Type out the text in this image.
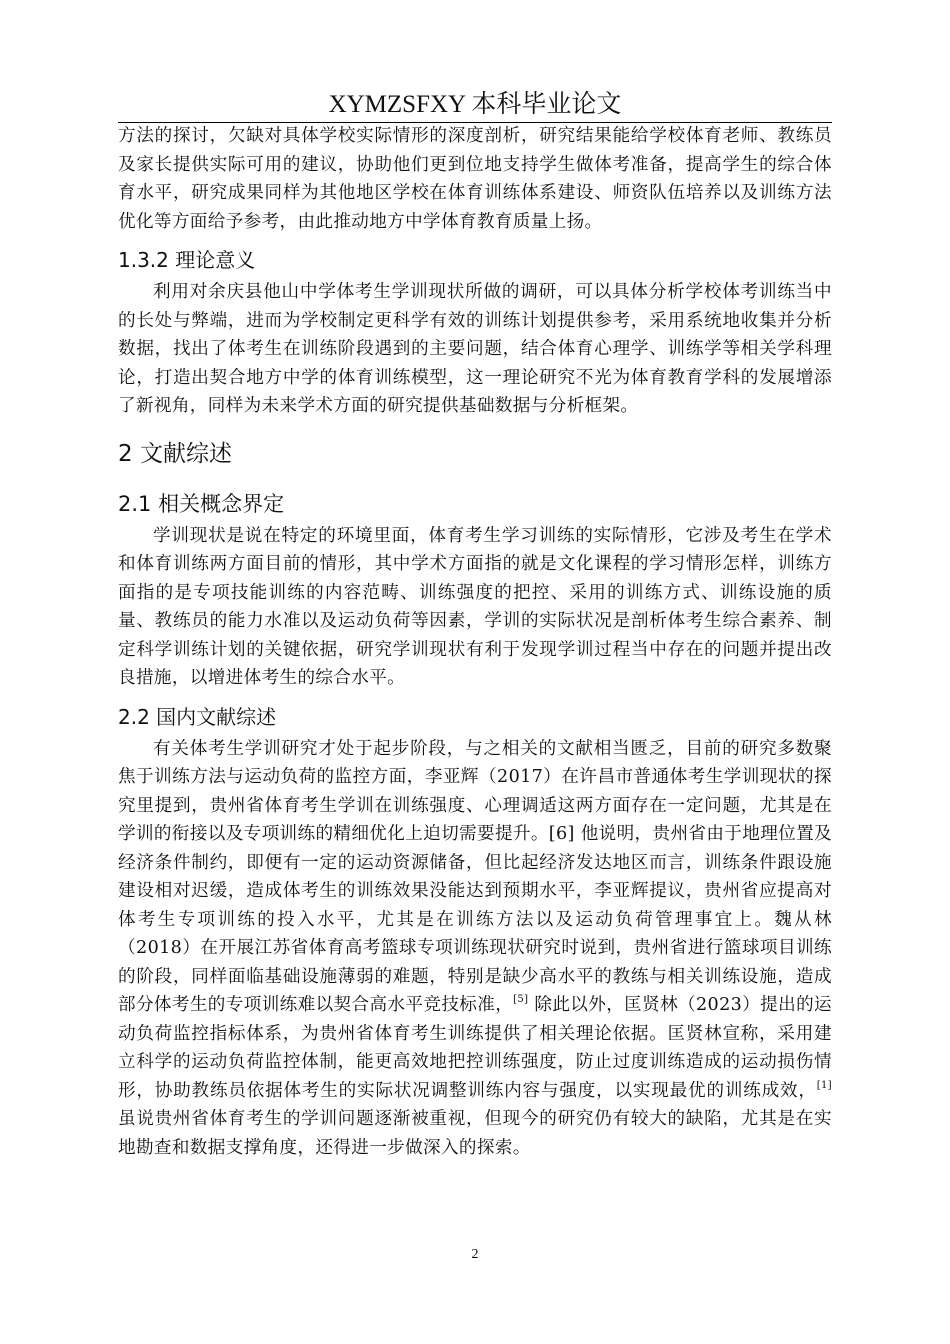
XYMZSFXY 本科毕业论文

方法的探讨，欠缺对具体学校实际情形的深度剖析，研究结果能给学校体育老师、教练员及家长提供实际可用的建议，协助他们更到位地支持学生做体考准备，提高学生的综合体育水平，研究成果同样为其他地区学校在体育训练体系建设、师资队伍培养以及训练方法优化等方面给予参考，由此推动地方中学体育教育质量上扬。

1.3.2 理论意义

利用对余庆县他山中学体考生学训现状所做的调研，可以具体分析学校体考训练当中的长处与弊端，进而为学校制定更科学有效的训练计划提供参考，采用系统地收集并分析数据，找出了体考生在训练阶段遇到的主要问题，结合体育心理学、训练学等相关学科理论，打造出契合地方中学的体育训练模型，这一理论研究不光为体育教育学科的发展增添了新视角，同样为未来学术方面的研究提供基础数据与分析框架。

2 文献综述
2.1 相关概念界定

学训现状是说在特定的环境里面，体育考生学习训练的实际情形，它涉及考生在学术和体育训练两方面目前的情形，其中学术方面指的就是文化课程的学习情形怎样，训练方面指的是专项技能训练的内容范畴、训练强度的把控、采用的训练方式、训练设施的质量、教练员的能力水准以及运动负荷等因素，学训的实际状况是剖析体考生综合素养、制定科学训练计划的关键依据，研究学训现状有利于发现学训过程当中存在的问题并提出改良措施，以增进体考生的综合水平。

2.2 国内文献综述

有关体考生学训研究才处于起步阶段，与之相关的文献相当匮乏，目前的研究多数聚焦于训练方法与运动负荷的监控方面，李亚辉（2017）在许昌市普通体考生学训现状的探究里提到，贵州省体育考生学训在训练强度、心理调适这两方面存在一定问题，尤其是在学训的衔接以及专项训练的精细优化上迫切需要提升。[6] 他说明，贵州省由于地理位置及经济条件制约，即便有一定的运动资源储备，但比起经济发达地区而言，训练条件跟设施建设相对迟缓，造成体考生的训练效果没能达到预期水平，李亚辉提议，贵州省应提高对体考生专项训练的投入水平，尤其是在训练方法以及运动负荷管理事宜上。魏从林（2018）在开展江苏省体育高考篮球专项训练现状研究时说到，贵州省进行篮球项目训练的阶段，同样面临基础设施薄弱的难题，特别是缺少高水平的教练与相关训练设施，造成部分体考生的专项训练难以契合高水平竞技标准，[5] 除此以外，匡贤林（2023）提出的运动负荷监控指标体系，为贵州省体育考生训练提供了相关理论依据。匡贤林宣称，采用建立科学的运动负荷监控体制，能更高效地把控训练强度，防止过度训练造成的运动损伤情形，协助教练员依据体考生的实际状况调整训练内容与强度，以实现最优的训练成效，[1]虽说贵州省体育考生的学训问题逐渐被重视，但现今的研究仍有较大的缺陷，尤其是在实地勘查和数据支撑角度，还得进一步做深入的探索。

2
